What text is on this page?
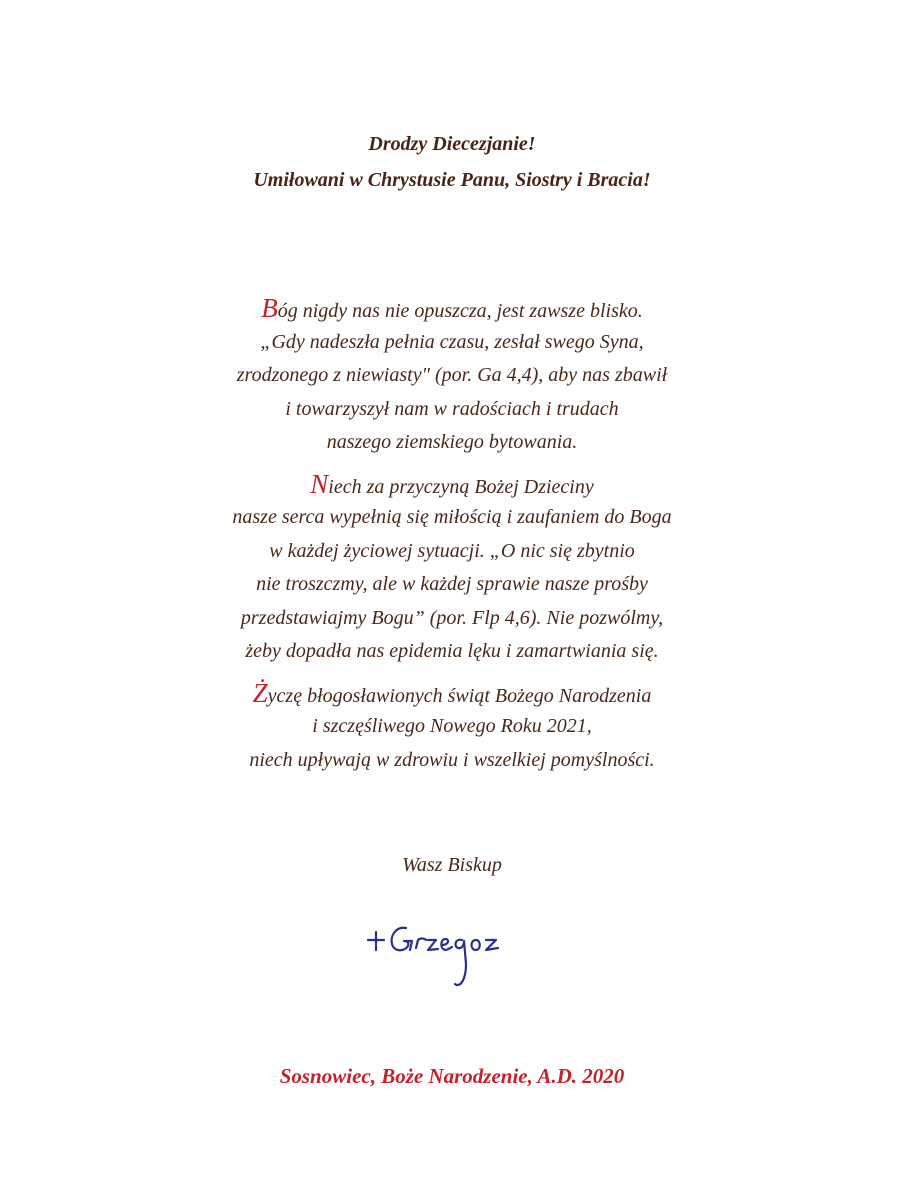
Drodzy Diecezjanie!
Umiłowani w Chrystusie Panu, Siostry i Bracia!
Bóg nigdy nas nie opuszcza, jest zawsze blisko.
„Gdy nadeszła pełnia czasu, zesłał swego Syna,
zrodzonego z niewiasty" (por. Ga 4,4), aby nas zbawił
i towarzyszył nam w radościach i trudach
naszego ziemskiego bytowania.
Niech za przyczyną Bożej Dzieciny
nasze serca wypełnią się miłością i zaufaniem do Boga
w każdej życiowej sytuacji. „O nic się zbytnio
nie troszczmy, ale w każdej sprawie nasze prośby
przedstawiajmy Bogu” (por. Flp 4,6). Nie pozwólmy,
żeby dopadła nas epidemia lęku i zamartwiania się.
Życzę błogosławionych świąt Bożego Narodzenia
i szczęśliwego Nowego Roku 2021,
niech upływają w zdrowiu i wszelkiej pomyślności.
Wasz Biskup
Sosnowiec, Boże Narodzenie, A.D. 2020
